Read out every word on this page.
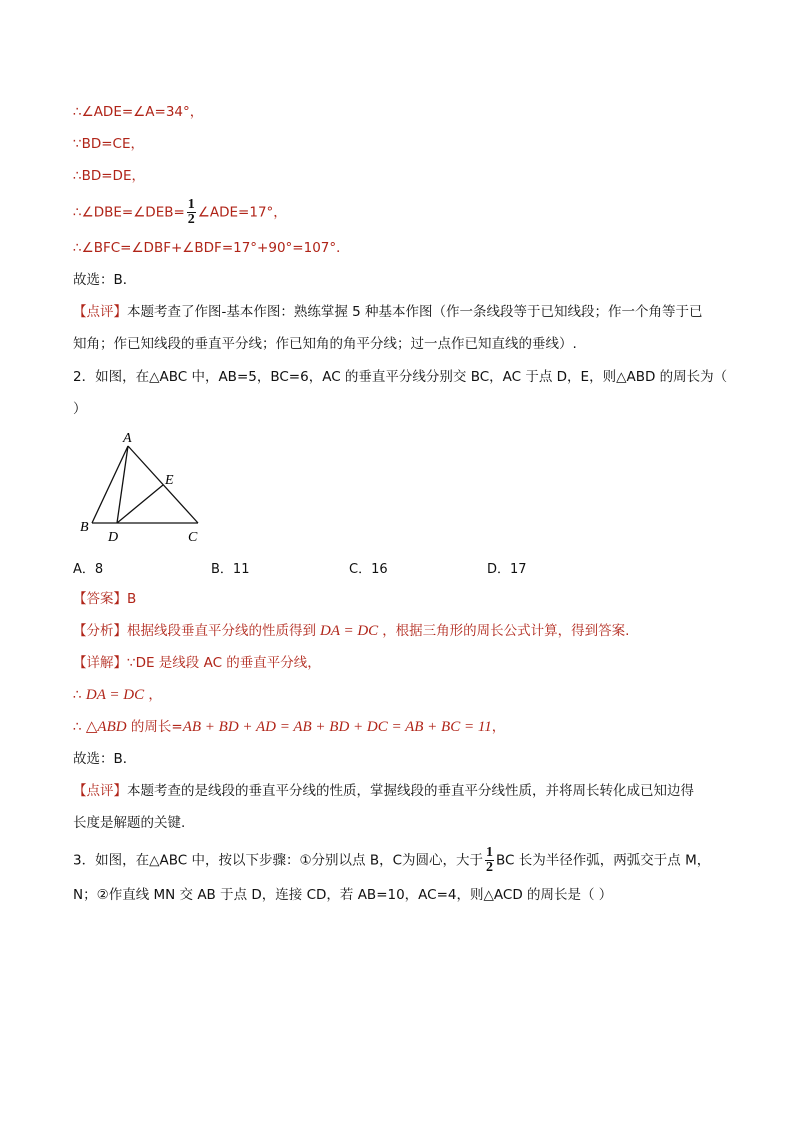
∴∠ADE=∠A=34°，
∵BD=CE，
∴BD=DE，
∴∠DBE=∠DEB= $\frac{1}{2}$ ∠ADE=17°，
∴∠BFC=∠DBF+∠BDF=17°+90°=107°．
故选：B．
【点评】本题考查了作图-基本作图：熟练掌握 5 种基本作图（作一条线段等于已知线段；作一个角等于已
知角；作已知线段的垂直平分线；作已知角的角平分线；过一点作已知直线的垂线）.
2．如图，在△ABC 中，AB=5，BC=6，AC 的垂直平分线分别交 BC，AC 于点 D，E，则△ABD 的周长为（
）
A
B
C
D
E
A．8	B．11	C．16	D．17
【答案】B
【分析】根据线段垂直平分线的性质得到 DA = DC ，根据三角形的周长公式计算，得到答案.
【详解】∵DE 是线段 AC 的垂直平分线，
∴ DA = DC ，
∴ △ABD 的周长=AB + BD + AD = AB + BD + DC = AB + BC = 11，
故选：B．
【点评】本题考查的是线段的垂直平分线的性质，掌握线段的垂直平分线性质，并将周长转化成已知边得
长度是解题的关键.
3．如图，在△ABC 中，按以下步骤：①分别以点 B，C为圆心，大于 $\frac{1}{2}$ BC 长为半径作弧，两弧交于点 M，
N；②作直线 MN 交 AB 于点 D，连接 CD，若 AB=10，AC=4，则△ACD 的周长是（ ）
